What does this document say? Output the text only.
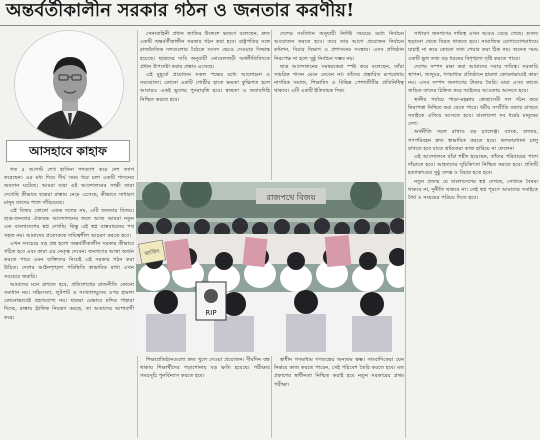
অন্তর্বর্তীকালীন সরকার গঠন ও জনতার করণীয়!
আসহাবে কাহাফ

গত ৫ আগস্ট শেখ হাসিনা পদত্যাগ করে দেশ ত্যাগ করেছেন। এর মধ্য দিয়ে দীর্ঘ সময় ধরে চলা একটি শাসনের অবসান ঘটেছে। আমরা যারা এই আন্দোলনের সাক্ষী তারা দেখেছি কীভাবে ছাত্ররা রাস্তায় নেমে এসেছে, কীভাবে সাধারণ মানুষ তাদের পাশে দাঁড়িয়েছে।

এই বিজয় কোনো একক দলের নয়, এটি জনতার বিজয়। ছাত্র-জনতার ঐক্যবদ্ধ আন্দোলনের ফলে আজ আমরা নতুন এক বাংলাদেশের স্বপ্ন দেখছি। কিন্তু এই স্বপ্ন বাস্তবায়নের পথ সহজ নয়। আমাদের প্রত্যেককে দায়িত্বশীল আচরণ করতে হবে।

এখন সবচেয়ে বড় প্রশ্ন হলো অন্তর্বর্তীকালীন সরকার কীভাবে গঠিত হবে এবং কারা এর নেতৃত্ব দেবেন। জনগণের আস্থা অর্জন করতে পারে এমন ব্যক্তিদের নিয়েই এই সরকার গঠন করা উচিত। দেশের আইনশৃঙ্খলা পরিস্থিতি স্বাভাবিক রাখা এখন সবচেয়ে জরুরি।

আমাদের মনে রাখতে হবে, প্রতিশোধের রাজনীতি কোনো সমাধান নয়। সহিংসতা, লুটপাট ও সংখ্যালঘুদের ওপর হামলা কোনোভাবেই গ্রহণযোগ্য নয়। ছাত্ররা যেভাবে মন্দির পাহারা দিচ্ছে, রাস্তায় ট্রাফিক নিয়ন্ত্রণ করছে, তা আমাদের আশাবাদী করে।

সেনাবাহিনী প্রধান জাতির উদ্দেশে ভাষণে বলেছেন, দ্রুত একটি অন্তর্বর্তীকালীন সরকার গঠন করা হবে। রাষ্ট্রপতির সঙ্গে রাজনৈতিক দলগুলোর বৈঠকে সংসদ ভেঙে দেওয়ার সিদ্ধান্ত হয়েছে। ছাত্রদের দাবি অনুযায়ী নোবেলজয়ী অর্থনীতিবিদকে প্রধান উপদেষ্টা করার প্রস্তাব এসেছে।

এই মুহূর্তে প্রয়োজন সকল পক্ষের মধ্যে আলোচনা ও সমঝোতা। কোনো একটি গোষ্ঠীর হাতে ক্ষমতা কুক্ষিগত হলে আবারও একই ভুলের পুনরাবৃত্তি হবে। স্বচ্ছতা ও জবাবদিহি নিশ্চিত করতে হবে।

দেশের সংবিধান অনুযায়ী নির্দিষ্ট সময়ের মধ্যে নির্বাচন আয়োজন করতে হবে। তবে তার আগে প্রয়োজন নির্বাচন কমিশন, বিচার বিভাগ ও প্রশাসনের সংস্কার। এসব প্রতিষ্ঠান নিরপেক্ষ না হলে সুষ্ঠু নির্বাচন সম্ভব নয়।

ছাত্র আন্দোলনের সমন্বয়কেরা স্পষ্ট করে বলেছেন, তাঁরা সামরিক শাসন মেনে নেবেন না। তাঁদের প্রস্তাবিত রূপরেখায় নাগরিক সমাজ, শিক্ষাবিদ ও বিভিন্ন পেশাজীবীর প্রতিনিধিত্ব থাকবে। এটি একটি ইতিবাচক দিক।

সাধারণ জনগণের দায়িত্ব এখন আরও বেড়ে গেছে। গুজব ছড়ানো থেকে বিরত থাকতে হবে। সামাজিক যোগাযোগমাধ্যমে যাচাই না করে কোনো তথ্য শেয়ার করা ঠিক নয়। অনেক সময় একটি ভুল তথ্য বড় ধরনের বিশৃঙ্খলা সৃষ্টি করতে পারে।

দেশের সম্পদ রক্ষা করা আমাদের সবার দায়িত্ব। সরকারি স্থাপনা, জাদুঘর, গণমাধ্যম প্রতিষ্ঠানে হামলা কোনোভাবেই কাম্য নয়। এসব সম্পদ জনগণের টাকায় তৈরি। যারা এসব কাজে জড়িত তাদের চিহ্নিত করে আইনের আওতায় আনতে হবে।

স্থানীয় পর্যায়ে পাড়া-মহল্লায় স্বেচ্ছাসেবী দল গঠন করে নিরাপত্তা নিশ্চিত করা যেতে পারে। ধর্মীয় সম্প্রীতি বজায় রাখতে সবাইকে এগিয়ে আসতে হবে। বাংলাদেশ সব ধর্মের মানুষের দেশ।

অর্থনীতি সচল রাখাও বড় চ্যালেঞ্জ। ব্যাংক, বাজার, গণপরিবহন দ্রুত স্বাভাবিক করতে হবে। কলকারখানা চালু রাখতে হবে যাতে শ্রমিকেরা কাজ হারিয়ে না ফেলেন।

এই আন্দোলনে যাঁরা শহীদ হয়েছেন, তাঁদের পরিবারের পাশে দাঁড়াতে হবে। আহতদের সুচিকিৎসা নিশ্চিত করতে হবে। প্রতিটি হত্যাকাণ্ডের সুষ্ঠু তদন্ত ও বিচার হতে হবে।

নতুন প্রজন্ম যে বাংলাদেশের স্বপ্ন দেখছে, সেখানে বৈষম্য থাকবে না, দুর্নীতি থাকবে না। সেই স্বপ্ন পূরণে আমাদের সবাইকে ধৈর্য ও সংযমের পরিচয় দিতে হবে।

শিক্ষাপ্রতিষ্ঠানগুলো দ্রুত খুলে দেওয়া প্রয়োজন। দীর্ঘদিন বন্ধ থাকায় শিক্ষার্থীদের পড়াশোনায় বড় ক্ষতি হয়েছে। পরীক্ষার সময়সূচি পুনর্বিন্যাস করতে হবে।

স্বাধীন গণমাধ্যম গণতন্ত্রের অন্যতম স্তম্ভ। সাংবাদিকেরা যেন নির্ভয়ে কাজ করতে পারেন, সেই পরিবেশ তৈরি করতে হবে। মত প্রকাশের স্বাধীনতা নিশ্চিত করাই হবে নতুন সরকারের প্রথম পরীক্ষা।

রাজপথে বিজয়
RIP
জাস্টিস
